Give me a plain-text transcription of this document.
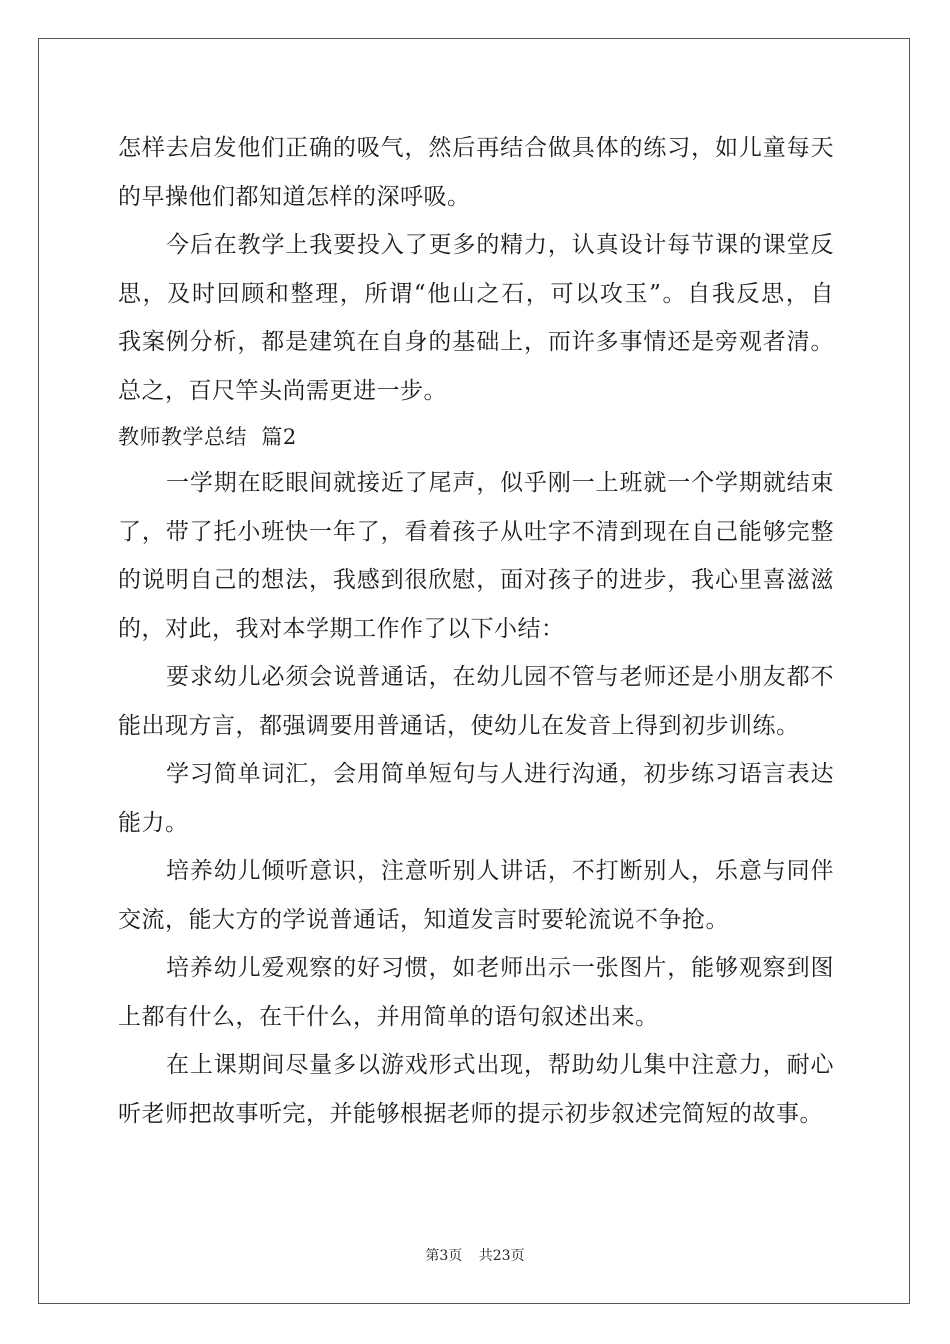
怎样去启发他们正确的吸气，然后再结合做具体的练习，如儿童每天
的早操他们都知道怎样的深呼吸。
今后在教学上我要投入了更多的精力，认真设计每节课的课堂反
思，及时回顾和整理，所谓“他山之石，可以攻玉”。自我反思，自
我案例分析，都是建筑在自身的基础上，而许多事情还是旁观者清。
总之，百尺竿头尚需更进一步。
教师教学总结  篇2
一学期在眨眼间就接近了尾声，似乎刚一上班就一个学期就结束
了，带了托小班快一年了，看着孩子从吐字不清到现在自己能够完整
的说明自己的想法，我感到很欣慰，面对孩子的进步，我心里喜滋滋
的，对此，我对本学期工作作了以下小结：
要求幼儿必须会说普通话，在幼儿园不管与老师还是小朋友都不
能出现方言，都强调要用普通话，使幼儿在发音上得到初步训练。
学习简单词汇，会用简单短句与人进行沟通，初步练习语言表达
能力。
培养幼儿倾听意识，注意听别人讲话，不打断别人，乐意与同伴
交流，能大方的学说普通话，知道发言时要轮流说不争抢。
培养幼儿爱观察的好习惯，如老师出示一张图片，能够观察到图
上都有什么，在干什么，并用简单的语句叙述出来。
在上课期间尽量多以游戏形式出现，帮助幼儿集中注意力，耐心
听老师把故事听完，并能够根据老师的提示初步叙述完简短的故事。
第3页 共23页
